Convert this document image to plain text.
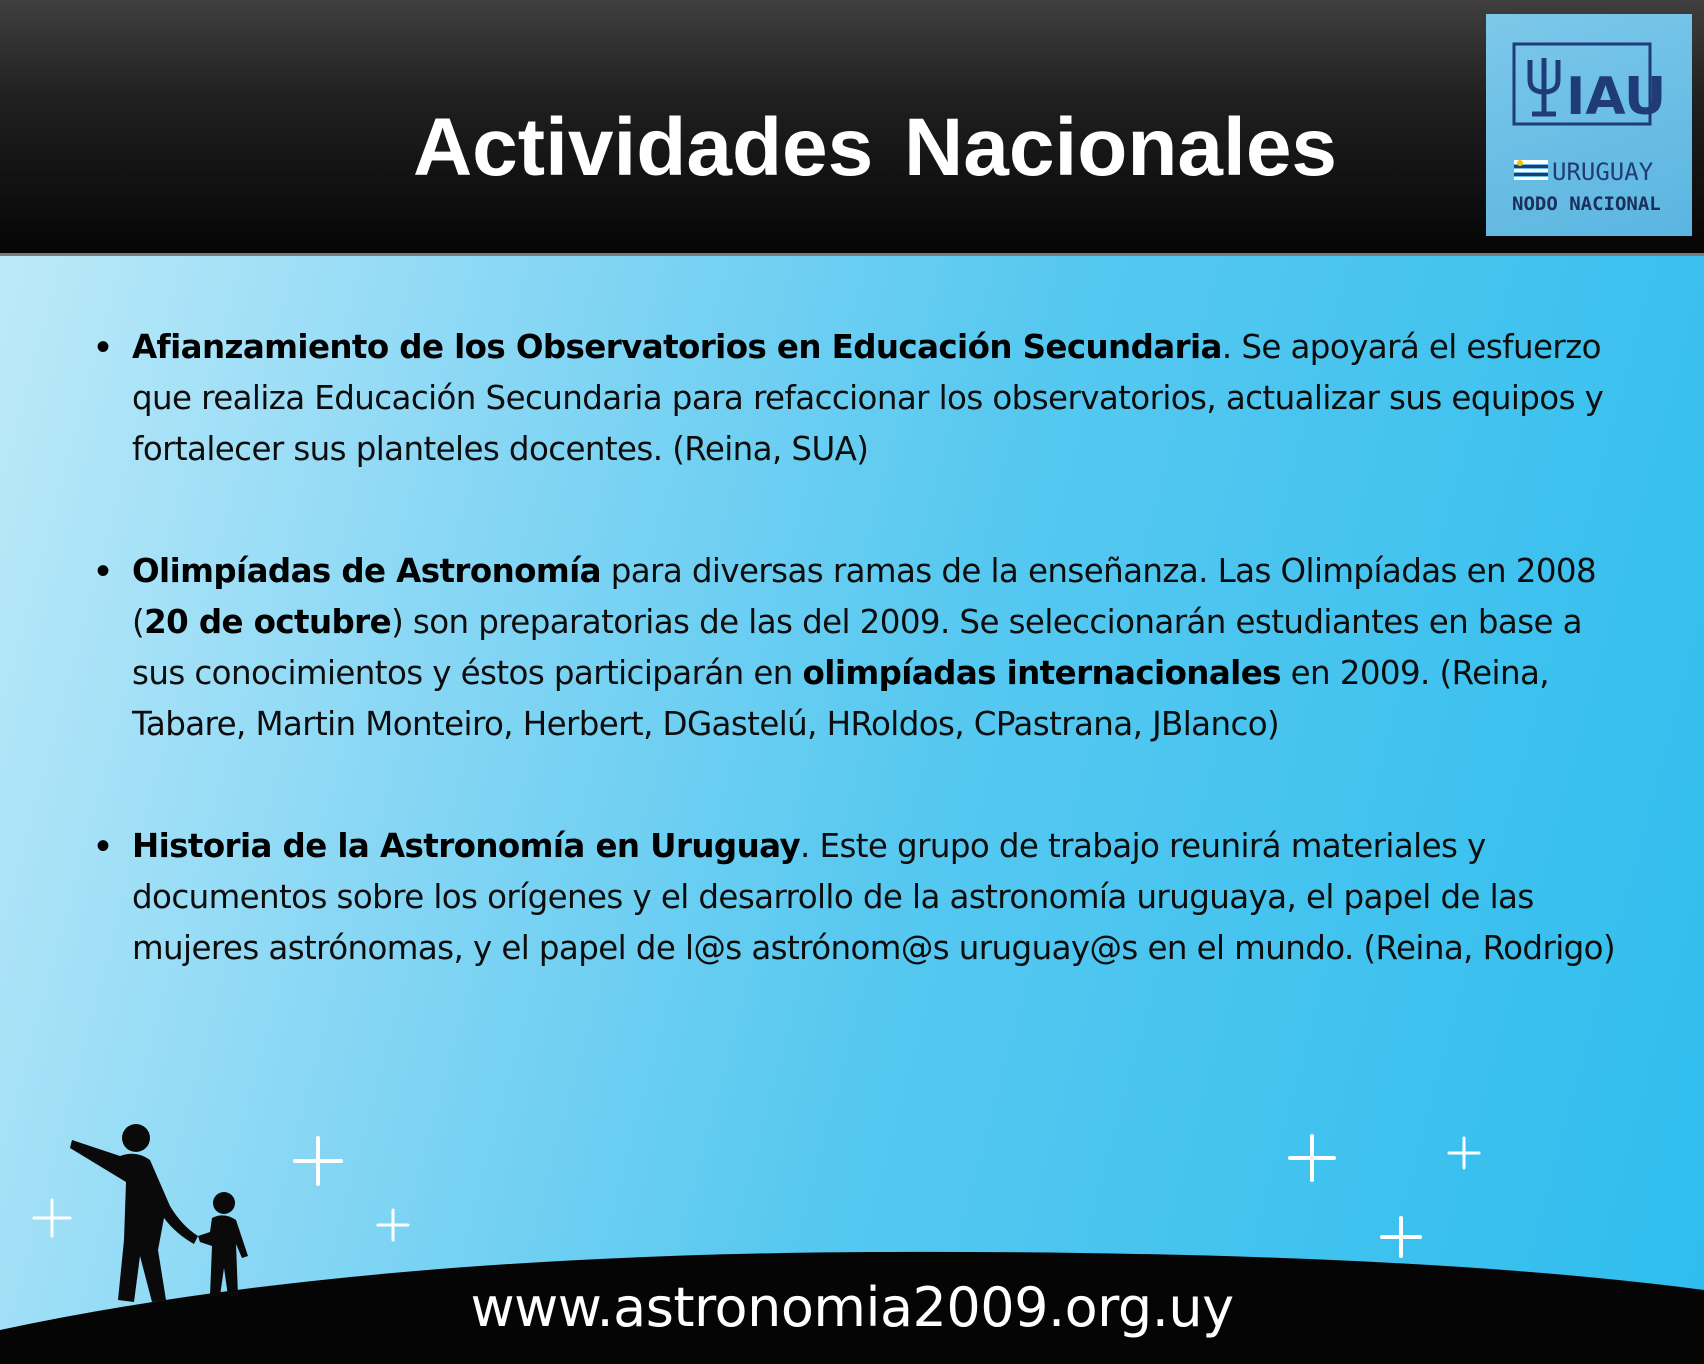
Actividades Nacionales
IAU
URUGUAY
NODO NACIONAL
• Afianzamiento de los Observatorios en Educación Secundaria. Se apoyará el esfuerzo que realiza Educación Secundaria para refaccionar los observatorios, actualizar sus equipos y fortalecer sus planteles docentes. (Reina, SUA)
• Olimpíadas de Astronomía para diversas ramas de la enseñanza. Las Olimpíadas en 2008 (20 de octubre) son preparatorias de las del 2009. Se seleccionarán estudiantes en base a sus conocimientos y éstos participarán en olimpíadas internacionales en 2009. (Reina, Tabare, Martin Monteiro, Herbert, DGastelú, HRoldos, CPastrana, JBlanco)
• Historia de la Astronomía en Uruguay. Este grupo de trabajo reunirá materiales y documentos sobre los orígenes y el desarrollo de la astronomía uruguaya, el papel de las mujeres astrónomas, y el papel de l@s astrónom@s uruguay@s en el mundo. (Reina, Rodrigo)
www.astronomia2009.org.uy
